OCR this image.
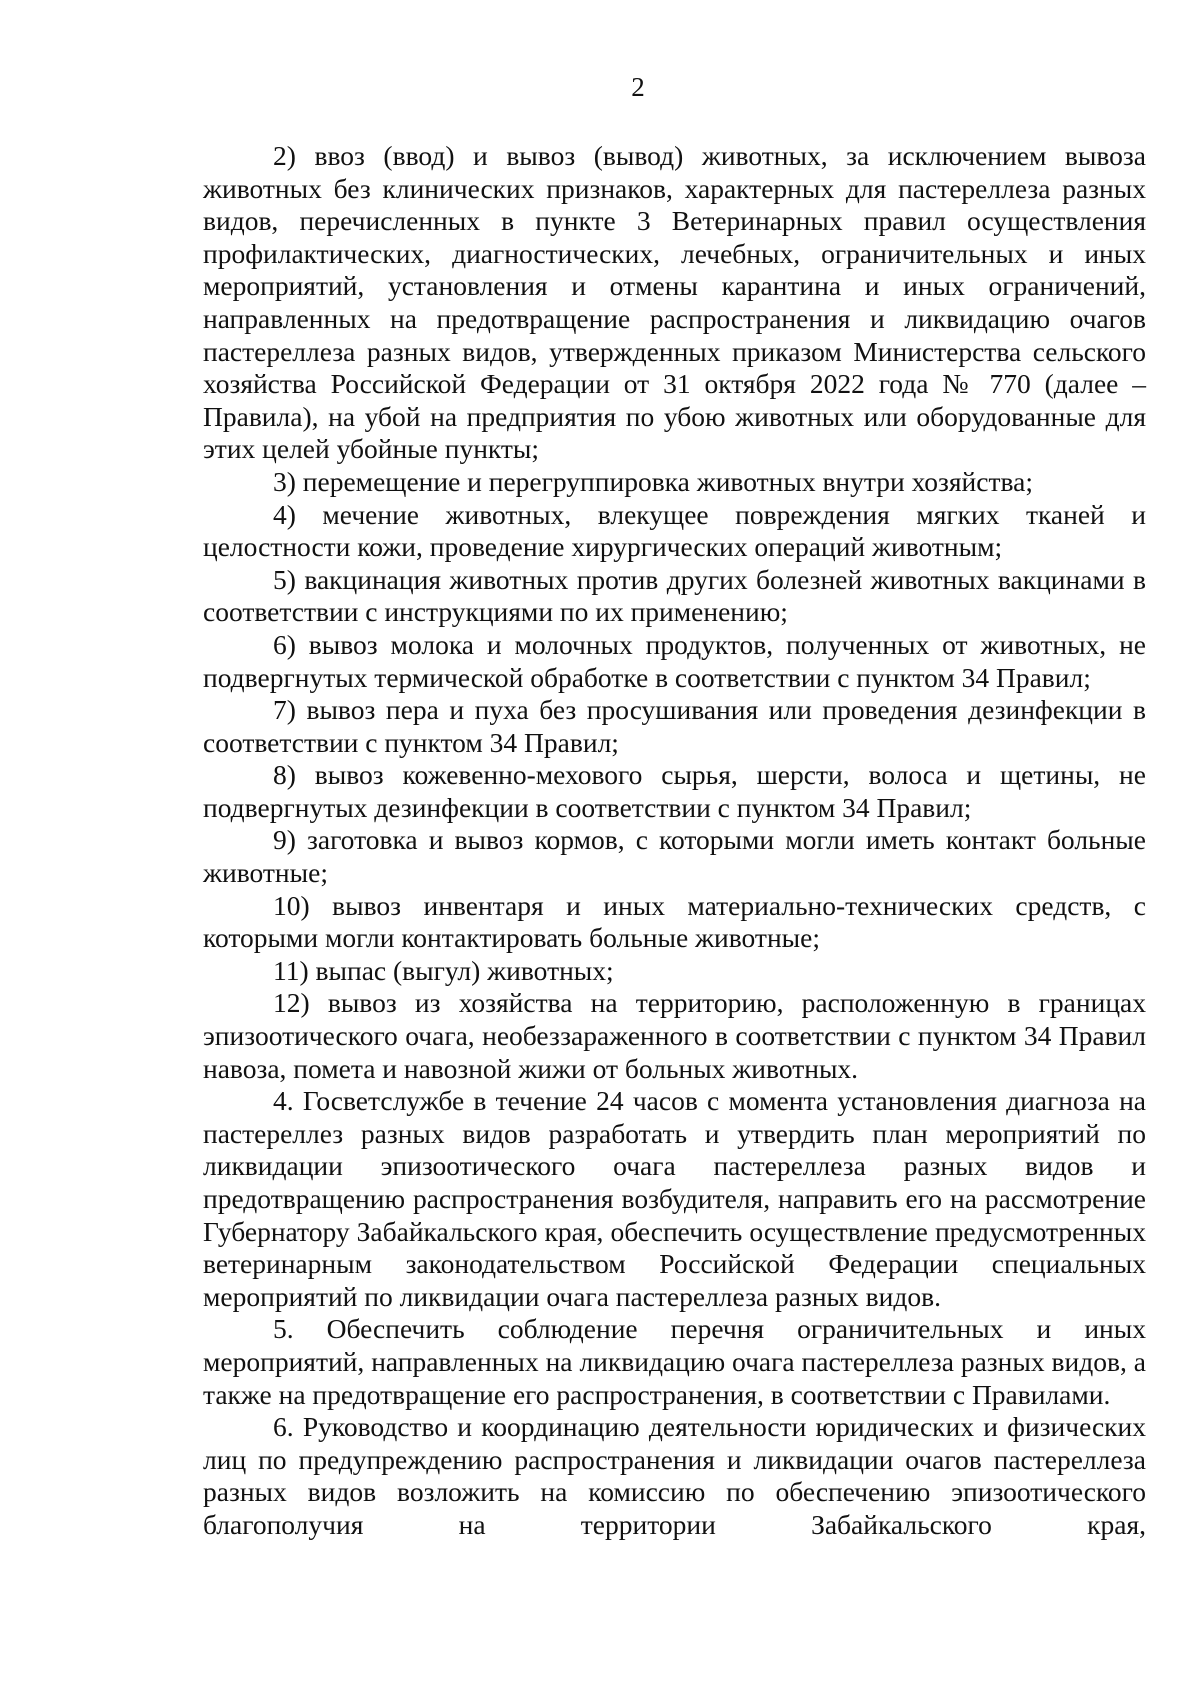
2

2) ввоз (ввод) и вывоз (вывод) животных, за исключением вывоза животных без клинических признаков, характерных для пастереллеза разных видов, перечисленных в пункте 3 Ветеринарных правил осуществления профилактических, диагностических, лечебных, ограничительных и иных мероприятий, установления и отмены карантина и иных ограничений, направленных на предотвращение распространения и ликвидацию очагов пастереллеза разных видов, утвержденных приказом Министерства сельского хозяйства Российской Федерации от 31 октября 2022 года № 770 (далее – Правила), на убой на предприятия по убою животных или оборудованные для этих целей убойные пункты;

3) перемещение и перегруппировка животных внутри хозяйства;

4) мечение животных, влекущее повреждения мягких тканей и целостности кожи, проведение хирургических операций животным;

5) вакцинация животных против других болезней животных вакцинами в соответствии с инструкциями по их применению;

6) вывоз молока и молочных продуктов, полученных от животных, не подвергнутых термической обработке в соответствии с пунктом 34 Правил;

7) вывоз пера и пуха без просушивания или проведения дезинфекции в соответствии с пунктом 34 Правил;

8) вывоз кожевенно-мехового сырья, шерсти, волоса и щетины, не подвергнутых дезинфекции в соответствии с пунктом 34 Правил;

9) заготовка и вывоз кормов, с которыми могли иметь контакт больные животные;

10) вывоз инвентаря и иных материально-технических средств, с которыми могли контактировать больные животные;

11) выпас (выгул) животных;

12) вывоз из хозяйства на территорию, расположенную в границах эпизоотического очага, необеззараженного в соответствии с пунктом 34 Правил навоза, помета и навозной жижи от больных животных.

4. Госветслужбе в течение 24 часов с момента установления диагноза на пастереллез разных видов разработать и утвердить план мероприятий по ликвидации эпизоотического очага пастереллеза разных видов и предотвращению распространения возбудителя, направить его на рассмотрение Губернатору Забайкальского края, обеспечить осуществление предусмотренных ветеринарным законодательством Российской Федерации специальных мероприятий по ликвидации очага пастереллеза разных видов.

5. Обеспечить соблюдение перечня ограничительных и иных мероприятий, направленных на ликвидацию очага пастереллеза разных видов, а также на предотвращение его распространения, в соответствии с Правилами.

6. Руководство и координацию деятельности юридических и физических лиц по предупреждению распространения и ликвидации очагов пастереллеза разных видов возложить на комиссию по обеспечению эпизоотического благополучия на территории Забайкальского края,
